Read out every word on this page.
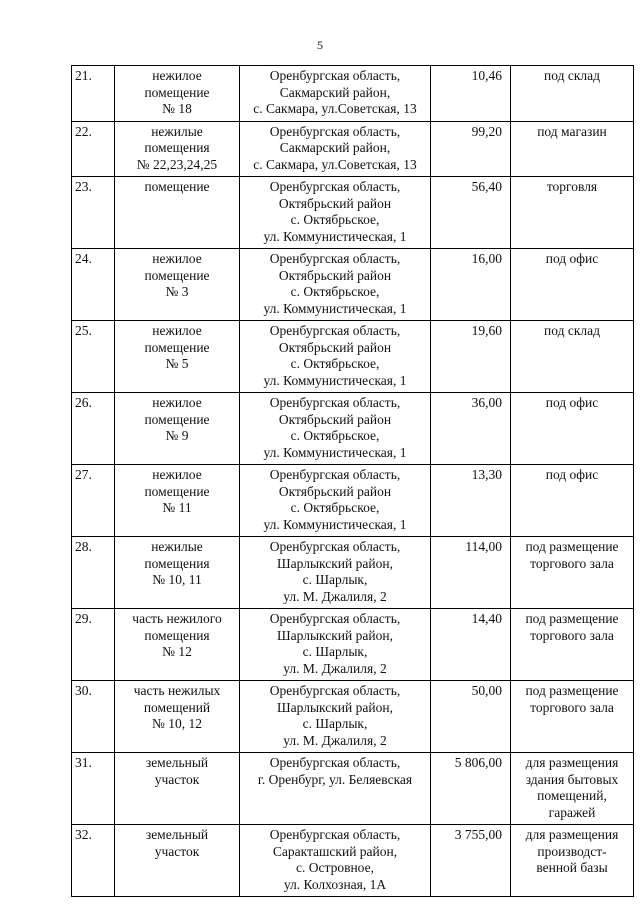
5
21.	нежилое
помещение
№ 18	Оренбургская область,
Сакмарский район,
с. Сакмара, ул.Советская, 13	10,46	под склад

22.	нежилые
помещения
№ 22,23,24,25	Оренбургская область,
Сакмарский район,
с. Сакмара, ул.Советская, 13	99,20	под магазин

23.	помещение	Оренбургская область,
Октябрьский район
с. Октябрьское,
ул. Коммунистическая, 1	56,40	торговля

24.	нежилое
помещение
№ 3	Оренбургская область,
Октябрьский район
с. Октябрьское,
ул. Коммунистическая, 1	16,00	под офис

25.	нежилое
помещение
№ 5	Оренбургская область,
Октябрьский район
с. Октябрьское,
ул. Коммунистическая, 1	19,60	под склад

26.	нежилое
помещение
№ 9	Оренбургская область,
Октябрьский район
с. Октябрьское,
ул. Коммунистическая, 1	36,00	под офис

27.	нежилое
помещение
№ 11	Оренбургская область,
Октябрьский район
с. Октябрьское,
ул. Коммунистическая, 1	13,30	под офис

28.	нежилые
помещения
№ 10, 11	Оренбургская область,
Шарлыкский район,
с. Шарлык,
ул. М. Джалиля, 2	114,00	под размещение
торгового зала

29.	часть нежилого
помещения
№ 12	Оренбургская область,
Шарлыкский район,
с. Шарлык,
ул. М. Джалиля, 2	14,40	под размещение
торгового зала

30.	часть нежилых
помещений
№ 10, 12	Оренбургская область,
Шарлыкский район,
с. Шарлык,
ул. М. Джалиля, 2	50,00	под размещение
торгового зала

31.	земельный
участок	Оренбургская область,
г. Оренбург, ул. Беляевская	5 806,00	для размещения
здания бытовых
помещений,
гаражей

32.	земельный
участок	Оренбургская область,
Саракташский район,
с. Островное,
ул. Колхозная, 1А	3 755,00	для размещения
производст-
венной базы
